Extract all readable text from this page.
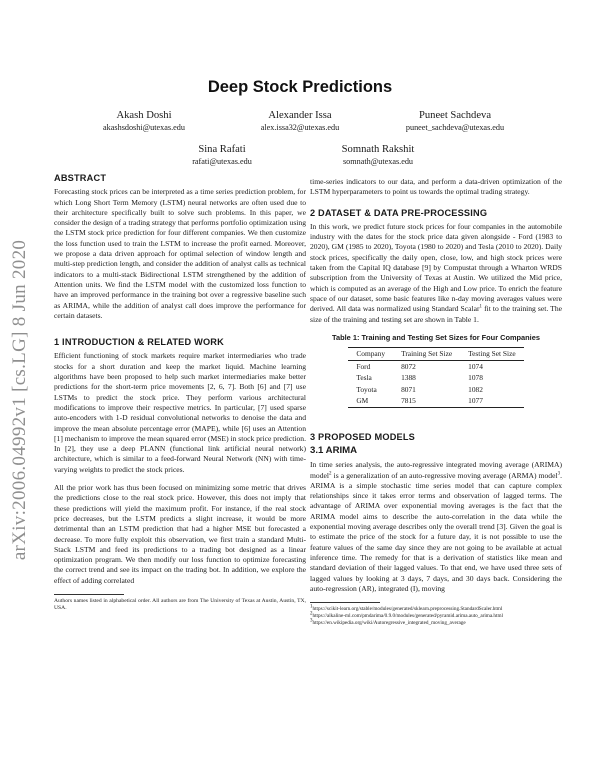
arXiv:2006.04992v1 [cs.LG] 8 Jun 2020
Deep Stock Predictions
Akash Doshi
akashsdoshi@utexas.edu
Alexander Issa
alex.issa32@utexas.edu
Puneet Sachdeva
puneet_sachdeva@utexas.edu
Sina Rafati
rafati@utexas.edu
Somnath Rakshit
somnath@utexas.edu
ABSTRACT

Forecasting stock prices can be interpreted as a time series prediction problem, for which Long Short Term Memory (LSTM) neural networks are often used due to their architecture specifically built to solve such problems. In this paper, we consider the design of a trading strategy that performs portfolio optimization using the LSTM stock price prediction for four different companies. We then customize the loss function used to train the LSTM to increase the profit earned. Moreover, we propose a data driven approach for optimal selection of window length and multi-step prediction length, and consider the addition of analyst calls as technical indicators to a multi-stack Bidirectional LSTM strengthened by the addition of Attention units. We find the LSTM model with the customized loss function to have an improved performance in the training bot over a regressive baseline such as ARIMA, while the addition of analyst call does improve the performance for certain datasets.

1 INTRODUCTION & RELATED WORK

Efficient functioning of stock markets require market intermediaries who trade stocks for a short duration and keep the market liquid. Machine learning algorithms have been proposed to help such market intermediaries make better predictions for the short-term price movements [2, 6, 7]. Both [6] and [7] use LSTMs to predict the stock price. They perform various architectural modifications to improve their respective metrics. In particular, [7] used sparse auto-encoders with 1-D residual convolutional networks to denoise the data and improve the mean absolute percentage error (MAPE), while [6] uses an Attention [1] mechanism to improve the mean squared error (MSE) in stock price prediction. In [2], they use a deep PLANN (functional link artificial neural network) architecture, which is similar to a feed-forward Neural Network (NN) with time-varying weights to predict the stock prices.

All the prior work has thus been focused on minimizing some metric that drives the predictions close to the real stock price. However, this does not imply that these predictions will yield the maximum profit. For instance, if the real stock price decreases, but the LSTM predicts a slight increase, it would be more detrimental than an LSTM prediction that had a higher MSE but forecasted a decrease. To more fully exploit this observation, we first train a standard Multi-Stack LSTM and feed its predictions to a trading bot designed as a linear optimization program. We then modify our loss function to optimize forecasting the correct trend and see its impact on the trading bot. In addition, we explore the effect of adding correlated

Authors names listed in alphabetical order. All authors are from The University of Texas at Austin, Austin, TX, USA.

time-series indicators to our data, and perform a data-driven optimization of the LSTM hyperparameters to point us towards the optimal trading strategy.

2 DATASET & DATA PRE-PROCESSING

In this work, we predict future stock prices for four companies in the automobile industry with the dates for the stock price data given alongside - Ford (1983 to 2020), GM (1985 to 2020), Toyota (1980 to 2020) and Tesla (2010 to 2020). Daily stock prices, specifically the daily open, close, low, and high stock prices were taken from the Capital IQ database [9] by Compustat through a Wharton WRDS subscription from the University of Texas at Austin. We utilized the Mid price, which is computed as an average of the High and Low price. To enrich the feature space of our dataset, some basic features like n-day moving averages values were derived. All data was normalized using Standard Scalar$^1$ fit to the training set. The size of the training and testing set are shown in Table 1.

Table 1: Training and Testing Set Sizes for Four Companies
Company	Training Set Size	Testing Set Size
Ford	8072	1074
Tesla	1388	1078
Toyota	8071	1082
GM	7815	1077
3 PROPOSED MODELS
3.1 ARIMA

In time series analysis, the auto-regressive integrated moving average (ARIMA) model$^2$ is a generalization of an auto-regressive moving average (ARMA) model$^3$. ARIMA is a simple stochastic time series model that can capture complex relationships since it takes error terms and observation of lagged terms. The advantage of ARIMA over exponential moving averages is the fact that the ARIMA model aims to describe the auto-correlation in the data while the exponential moving average describes only the overall trend [3]. Given the goal is to estimate the price of the stock for a future day, it is not possible to use the feature values of the same day since they are not going to be available at actual inference time. The remedy for that is a derivation of statistics like mean and standard deviation of their lagged values. To that end, we have used three sets of lagged values by looking at 3 days, 7 days, and 30 days back. Considering the auto-regression (AR), integrated (I), moving

$^1$https://scikit-learn.org/stable/modules/generated/sklearn.preprocessing.StandardScaler.html
$^2$https://alkaline-ml.com/pmdarima/0.9.0/modules/generated/pyramid.arima.auto_arima.html
$^3$https://en.wikipedia.org/wiki/Autoregressive_integrated_moving_average
